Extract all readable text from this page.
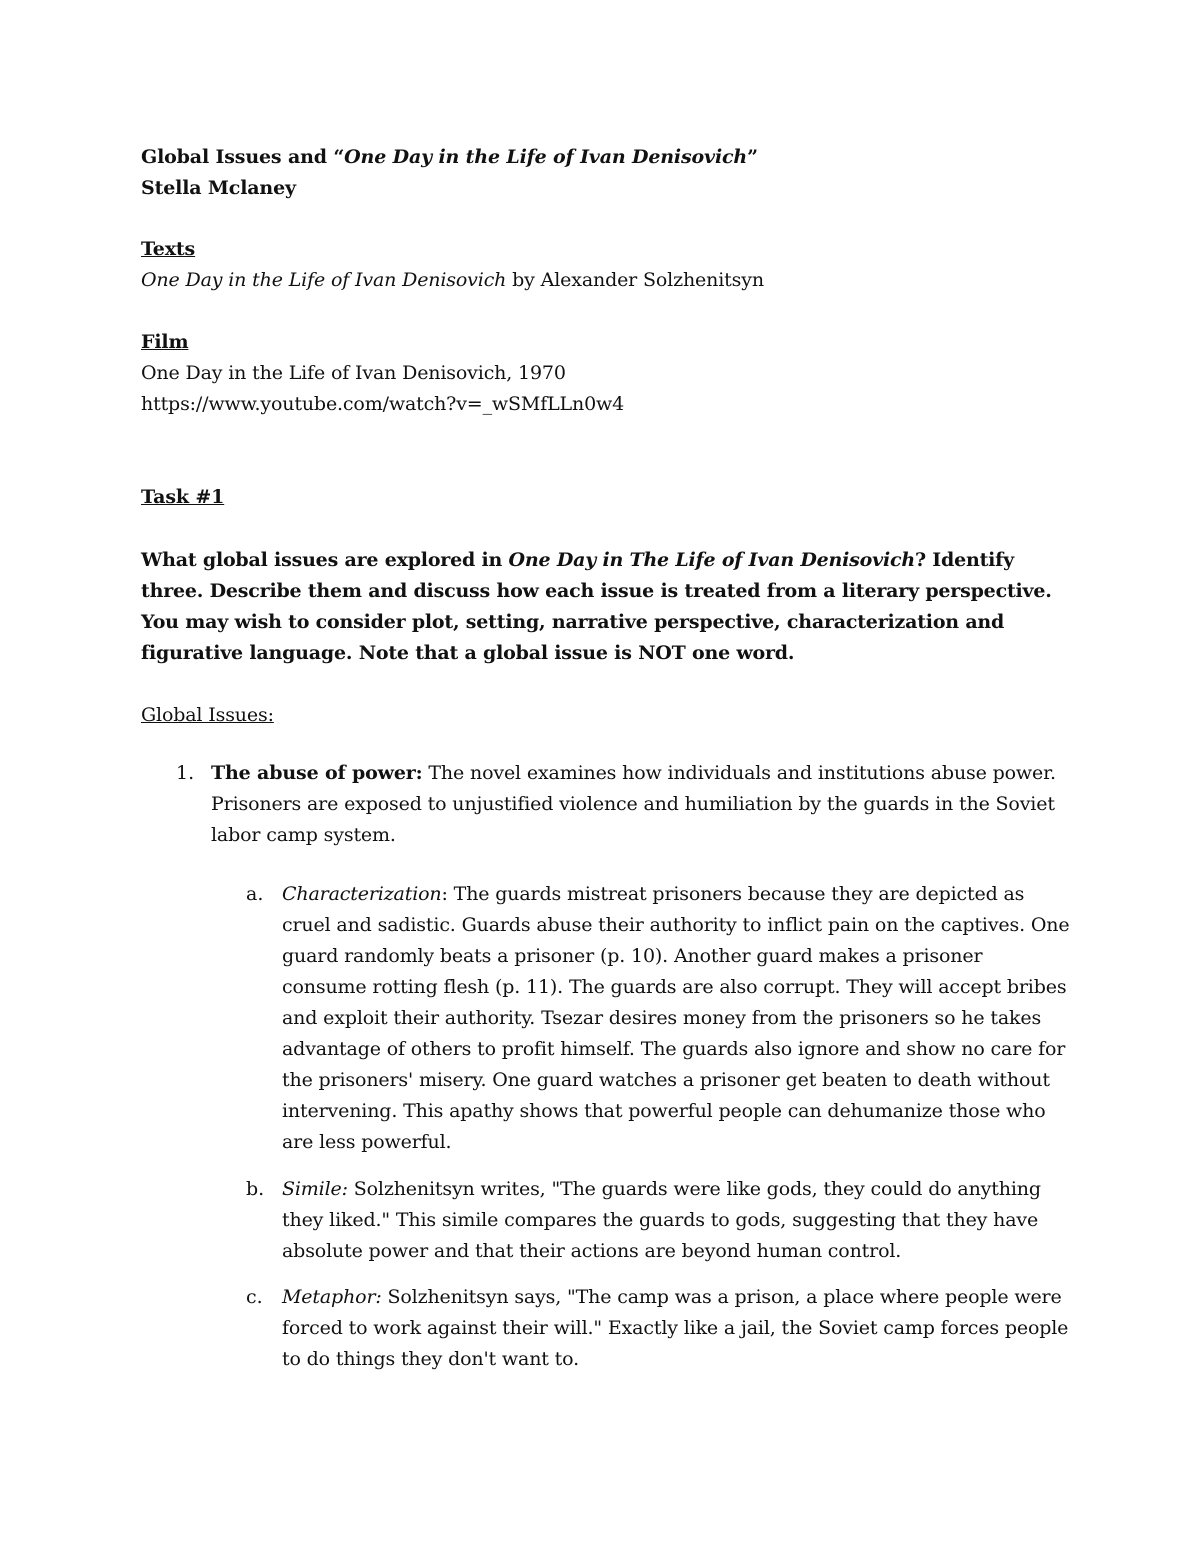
Global Issues and “One Day in the Life of Ivan Denisovich”
Stella Mclaney
Texts
One Day in the Life of Ivan Denisovich by Alexander Solzhenitsyn
Film
One Day in the Life of Ivan Denisovich, 1970
https://www.youtube.com/watch?v=_wSMfLLn0w4
Task #1
What global issues are explored in One Day in The Life of Ivan Denisovich? Identify three. Describe them and discuss how each issue is treated from a literary perspective. You may wish to consider plot, setting, narrative perspective, characterization and figurative language. Note that a global issue is NOT one word.
Global Issues:
1. The abuse of power: The novel examines how individuals and institutions abuse power. Prisoners are exposed to unjustified violence and humiliation by the guards in the Soviet labor camp system.
a. Characterization: The guards mistreat prisoners because they are depicted as cruel and sadistic. Guards abuse their authority to inflict pain on the captives. One guard randomly beats a prisoner (p. 10). Another guard makes a prisoner consume rotting flesh (p. 11). The guards are also corrupt. They will accept bribes and exploit their authority. Tsezar desires money from the prisoners so he takes advantage of others to profit himself. The guards also ignore and show no care for the prisoners' misery. One guard watches a prisoner get beaten to death without intervening. This apathy shows that powerful people can dehumanize those who are less powerful.
b. Simile: Solzhenitsyn writes, "The guards were like gods, they could do anything they liked." This simile compares the guards to gods, suggesting that they have absolute power and that their actions are beyond human control.
c. Metaphor: Solzhenitsyn says, "The camp was a prison, a place where people were forced to work against their will." Exactly like a jail, the Soviet camp forces people to do things they don't want to.
